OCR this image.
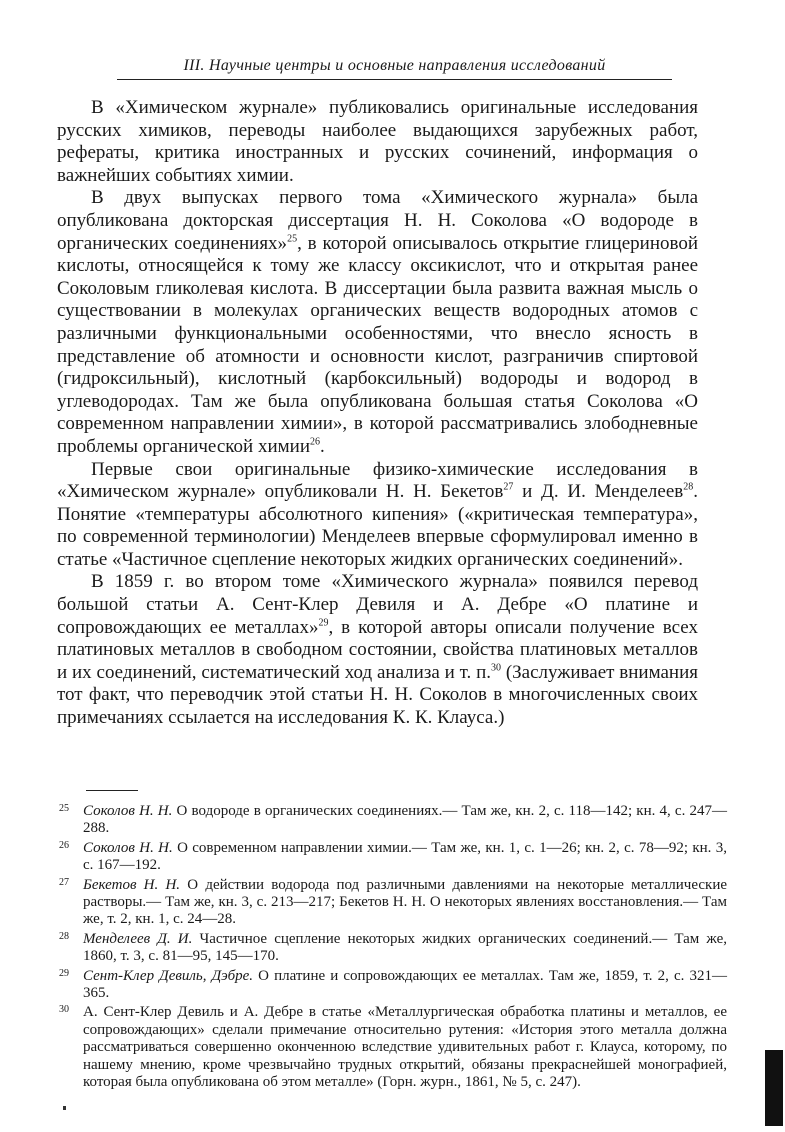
III. Научные центры и основные направления исследований

В «Химическом журнале» публиковались оригинальные исследования русских химиков, переводы наиболее выдающихся зарубежных работ, рефераты, критика иностранных и русских сочинений, информация о важнейших событиях химии.

В двух выпусках первого тома «Химического журнала» была опубликована докторская диссертация Н. Н. Соколова «О водороде в органических соединениях»$^{25}$, в которой описывалось открытие глицериновой кислоты, относящейся к тому же классу оксикислот, что и открытая ранее Соколовым гликолевая кислота. В диссертации была развита важная мысль о существовании в молекулах органических веществ водородных атомов с различными функциональными особенностями, что внесло ясность в представление об атомности и основности кислот, разграничив спиртовой (гидроксильный), кислотный (карбоксильный) водороды и водород в углеводородах. Там же была опубликована большая статья Соколова «О современном направлении химии», в которой рассматривались злободневные проблемы органической химии$^{26}$.

Первые свои оригинальные физико-химические исследования в «Химическом журнале» опубликовали Н. Н. Бекетов$^{27}$ и Д. И. Менделеев$^{28}$. Понятие «температуры абсолютного кипения» («критическая температура», по современной терминологии) Менделеев впервые сформулировал именно в статье «Частичное сцепление некоторых жидких органических соединений».

В 1859 г. во втором томе «Химического журнала» появился перевод большой статьи А. Сент-Клер Девиля и А. Дебре «О платине и сопровождающих ее металлах»$^{29}$, в которой авторы описали получение всех платиновых металлов в свободном состоянии, свойства платиновых металлов и их соединений, систематический ход анализа и т. п.$^{30}$ (Заслуживает внимания тот факт, что переводчик этой статьи Н. Н. Соколов в многочисленных своих примечаниях ссылается на исследования К. К. Клауса.)

25 Соколов Н. Н. О водороде в органических соединениях.— Там же, кн. 2, с. 118—142; кн. 4, с. 247—288.
26 Соколов Н. Н. О современном направлении химии.— Там же, кн. 1, с. 1—26; кн. 2, с. 78—92; кн. 3, с. 167—192.
27 Бекетов Н. Н. О действии водорода под различными давлениями на некоторые металлические растворы.— Там же, кн. 3, с. 213—217; Бекетов Н. Н. О некоторых явлениях восстановления.— Там же, т. 2, кн. 1, с. 24—28.
28 Менделеев Д. И. Частичное сцепление некоторых жидких органических соединений.— Там же, 1860, т. 3, с. 81—95, 145—170.
29 Сент-Клер Девиль, Дэбре. О платине и сопровождающих ее металлах. Там же, 1859, т. 2, с. 321—365.
30 А. Сент-Клер Девиль и А. Дебре в статье «Металлургическая обработка платины и металлов, ее сопровождающих» сделали примечание относительно рутения: «История этого металла должна рассматриваться совершенно оконченною вследствие удивительных работ г. Клауса, которому, по нашему мнению, кроме чрезвычайно трудных открытий, обязаны прекраснейшей монографией, которая была опубликована об этом металле» (Горн. журн., 1861, № 5, с. 247).
